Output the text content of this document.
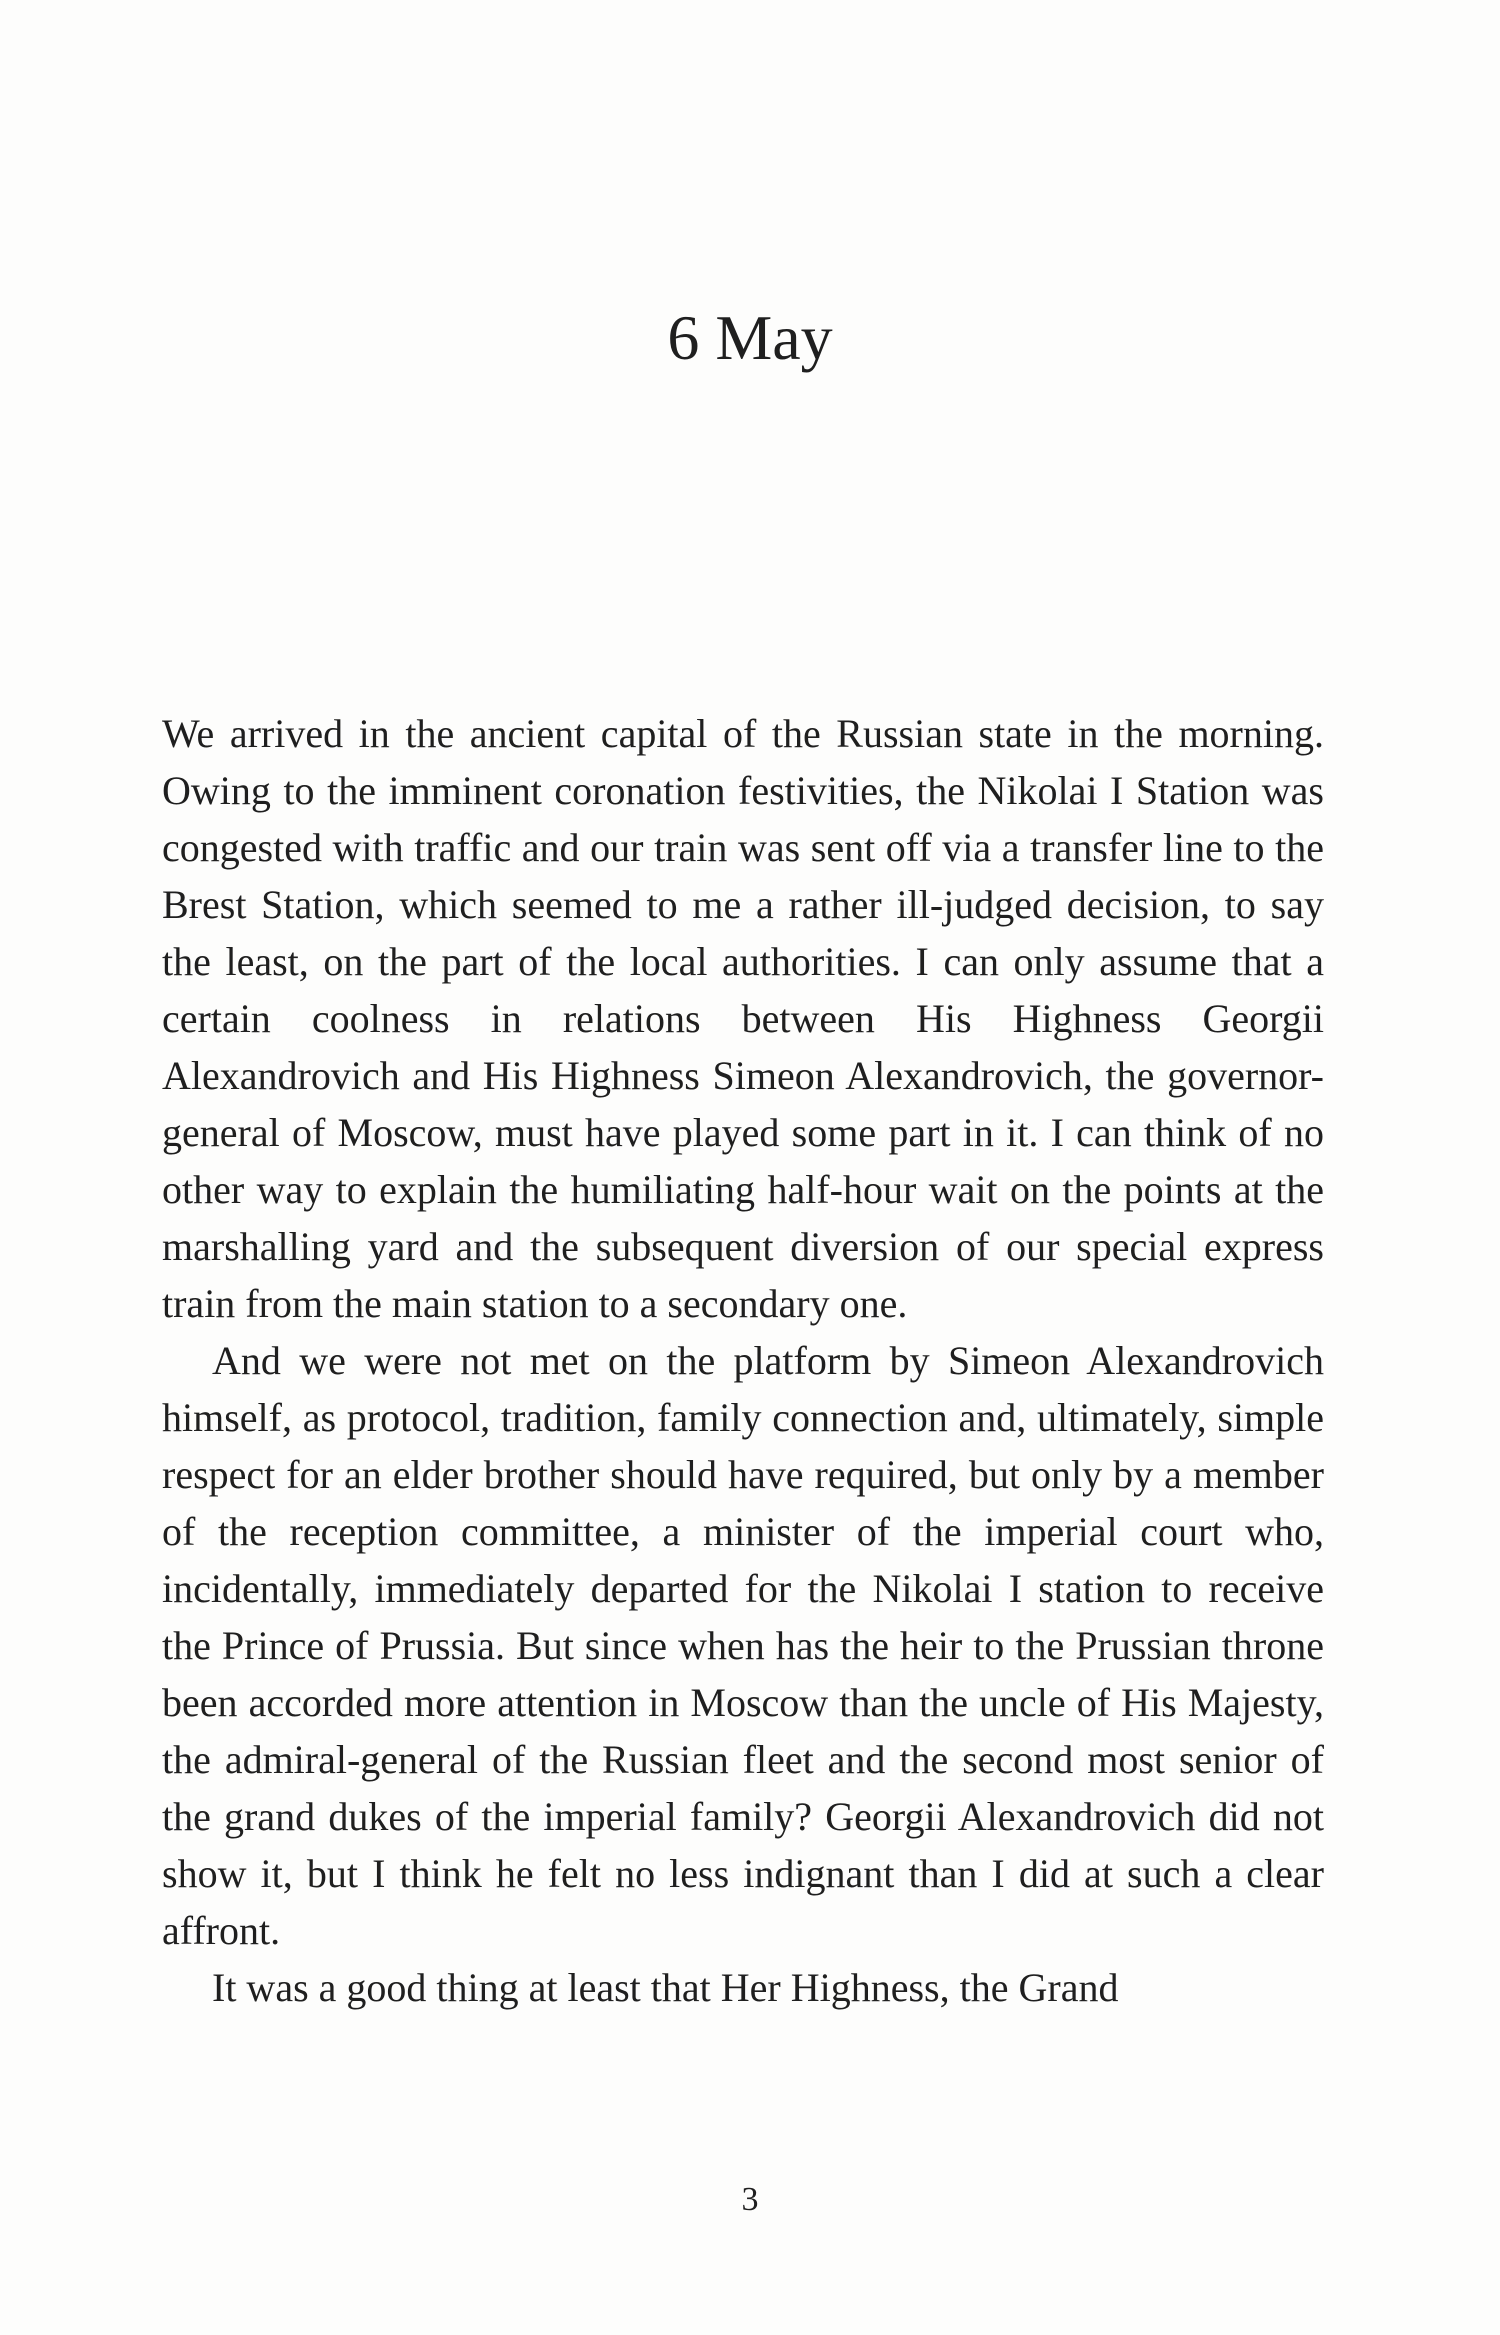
6 May

We arrived in the ancient capital of the Russian state in the morning. Owing to the imminent coronation festivities, the Nikolai I Station was congested with traffic and our train was sent off via a transfer line to the Brest Station, which seemed to me a rather ill-judged decision, to say the least, on the part of the local authorities. I can only assume that a certain coolness in relations between His Highness Georgii Alexandrovich and His Highness Simeon Alexandrovich, the governor-general of Moscow, must have played some part in it. I can think of no other way to explain the humiliating half-hour wait on the points at the marshalling yard and the subsequent diversion of our special express train from the main station to a secondary one.

And we were not met on the platform by Simeon Alexandrovich himself, as protocol, tradition, family connection and, ultimately, simple respect for an elder brother should have required, but only by a member of the reception committee, a minister of the imperial court who, incidentally, immediately departed for the Nikolai I station to receive the Prince of Prussia. But since when has the heir to the Prussian throne been accorded more attention in Moscow than the uncle of His Majesty, the admiral-general of the Russian fleet and the second most senior of the grand dukes of the imperial family? Georgii Alexandrovich did not show it, but I think he felt no less indignant than I did at such a clear affront.

It was a good thing at least that Her Highness, the Grand

3
